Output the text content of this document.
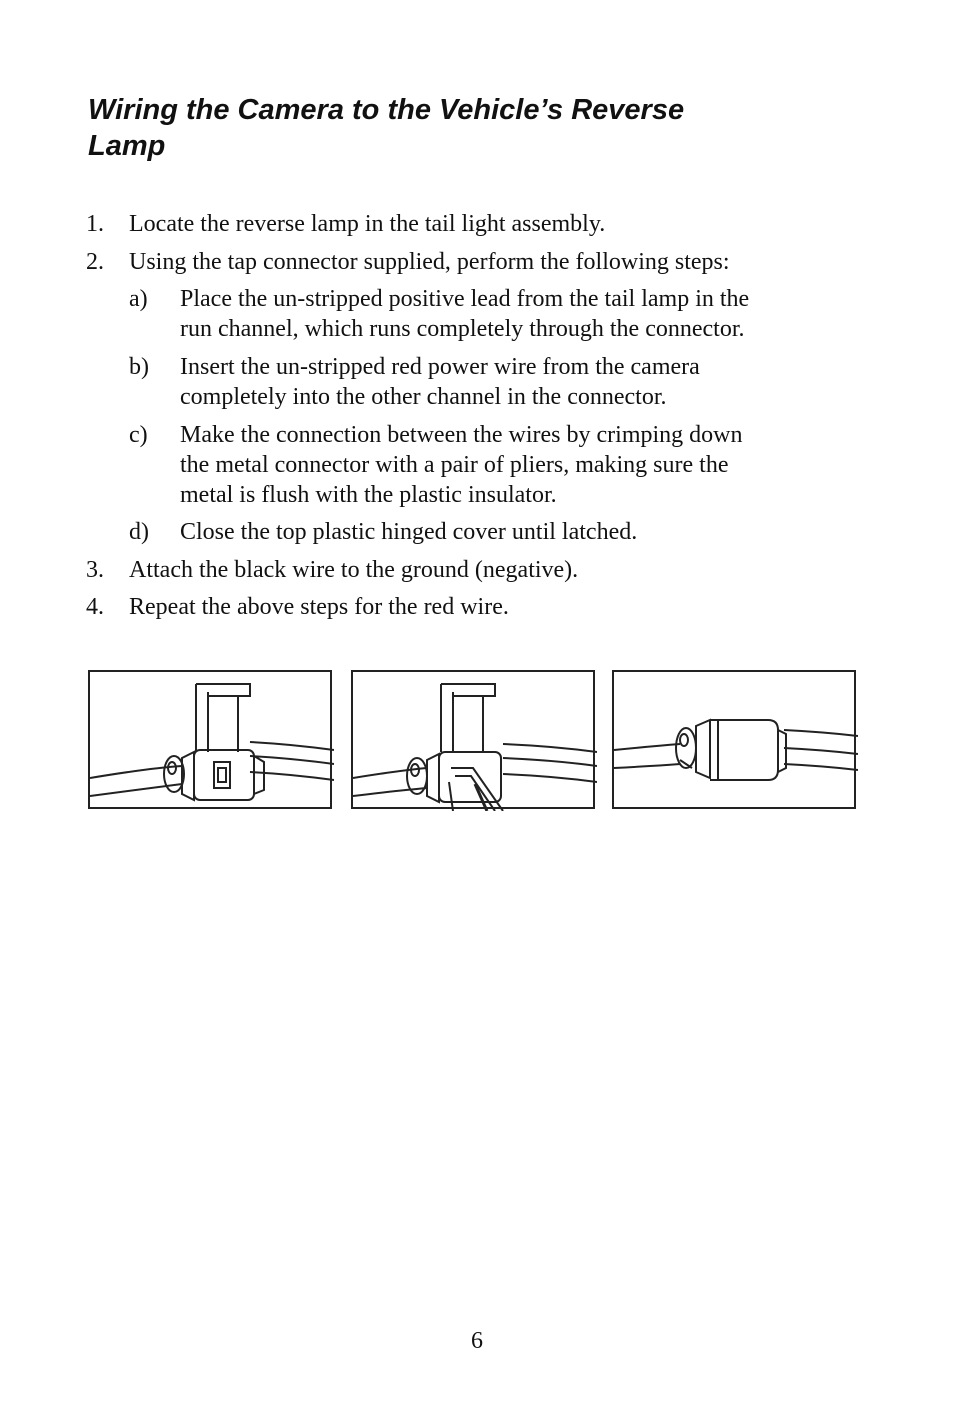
Wiring the Camera to the Vehicle’s Reverse
Lamp
1. Locate the reverse lamp in the tail light assembly.
2. Using the tap connector supplied, perform the following steps:
a) Place the un-stripped positive lead from the tail lamp in the
run channel, which runs completely through the connector.
b) Insert the un-stripped red power wire from the camera
completely into the other channel in the connector.
c) Make the connection between the wires by crimping down
the metal connector with a pair of pliers, making sure the
metal is flush with the plastic insulator.
d) Close the top plastic hinged cover until latched.
3. Attach the black wire to the ground (negative).
4. Repeat the above steps for the red wire.
6
